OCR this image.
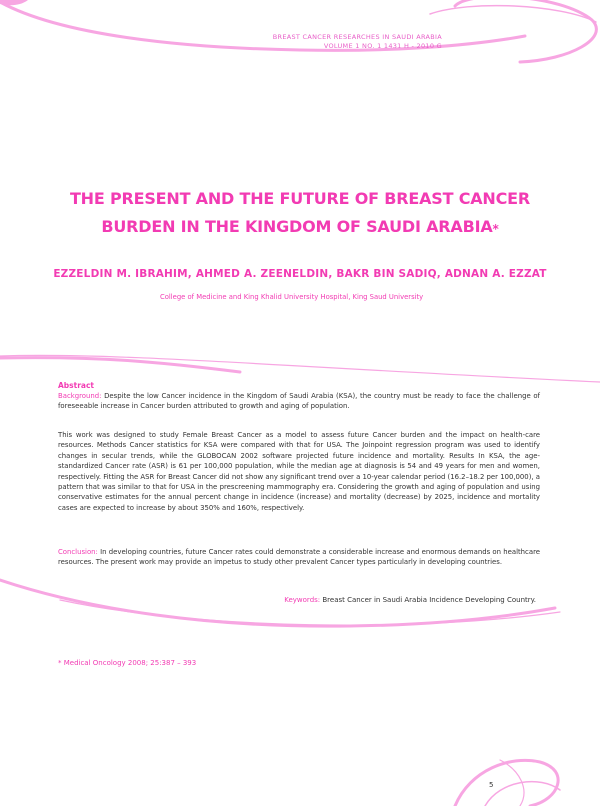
BREAST CANCER RESEARCHES IN SAUDI ARABIA
VOLUME 1 NO. 1 1431 H - 2010 G
THE PRESENT AND THE FUTURE OF BREAST CANCER
BURDEN IN THE KINGDOM OF SAUDI ARABIA*

EZZELDIN M. IBRAHIM, AHMED A. ZEENELDIN, BAKR BIN SADIQ, ADNAN A. EZZAT

College of Medicine and King Khalid University Hospital, King Saud University

Abstract

Background: Despite the low Cancer incidence in the Kingdom of Saudi Arabia (KSA), the country must be ready to face the challenge of foreseeable increase in Cancer burden attributed to growth and aging of population.

This work was designed to study Female Breast Cancer as a model to assess future Cancer burden and the impact on health-care resources. Methods Cancer statistics for KSA were compared with that for USA. The Joinpoint regression program was used to identify changes in secular trends, while the GLOBOCAN 2002 software projected future incidence and mortality. Results In KSA, the age-standardized Cancer rate (ASR) is 61 per 100,000 population, while the median age at diagnosis is 54 and 49 years for men and women, respectively. Fitting the ASR for Breast Cancer did not show any significant trend over a 10-year calendar period (16.2–18.2 per 100,000), a pattern that was similar to that for USA in the prescreening mammography era. Considering the growth and aging of population and using conservative estimates for the annual percent change in incidence (increase) and mortality (decrease) by 2025, incidence and mortality cases are expected to increase by about 350% and 160%, respectively.

Conclusion: In developing countries, future Cancer rates could demonstrate a considerable increase and enormous demands on healthcare resources. The present work may provide an impetus to study other prevalent Cancer types particularly in developing countries.

Keywords: Breast Cancer in Saudi Arabia Incidence Developing Country.

* Medical Oncology 2008; 25:387 – 393

5
